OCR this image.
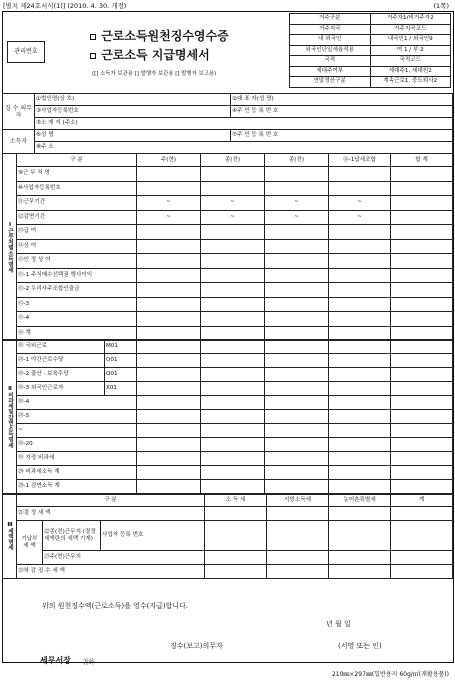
[별지 제24호서식(1)] (2010. 4. 30. 개정)	(1쪽)
관리번호
근로소득원천징수영수증
근로소득 지급명세서
([] 소득자 보관용 [] 발행자 보관용 [] 발행자 보고용)
거주구분	거주자1/비거주자2
거주지국	거주지국코드
내 외국인	내국인1 / 외국인9
외국인단일세율적용	여 1 / 부 2
국적	국적코드
세대주여부	세대주1, 세대원2
연말정산구분	계속근로1, 중도퇴사2
징 수 의무자	①법인명(상 호)	②대 표 자(성 명)
	③사업자등록번호	④주 민 등 록 번 호
	⑤소 재 지 (주소)	
소득자	⑥성 명	⑦주 민 등 록 번 호
	⑧주 소	
Ⅰ근무처별소득명세	구 분	주(현)	종(전)	종(전)	⑯-1납세조합	합 계
	⑨근 무 처 명					
	⑩사업자등록번호					
	⑪근무기간	~	~	~	~	
	⑫감면기간	~	~	~	~	
	⑬급 여					
	⑭상 여					
	⑮인 정 상 여					
	⑮-1 주식매수선택권 행사이익					
	⑮-2 우리사주조합인출금					
	⑮-3					
	⑮-4					
	⑯ 계					
Ⅱ비과세및감면소득명세	⑱ 국외근로	M01					
	⑱-1 야간근로수당	O01					
	⑱-2 출산 · 보육수당	Q01					
	⑱-3 외국인근로자	X01					
	⑱-4						
	⑱-5						
	~						
	⑱-20						
	⑲ 지정 비과세						
	⑳ 비과세소득 계						
	⑳-1 감면소득 계						
Ⅲ세액명세	구 분			소 득 세	지방소득세	농어촌특별세	계
	㉑결 정 세 액						
	기납부 세 액	㉒종(전)근무지 (결정세액란의 세액 기재)	사업자 등록 번호				
		㉓주(현)근무지					
	㉔차 감 징 수 세 액						
위의 원천징수액(근로소득)을 영수(지급)합니다.
년 월 일
징수(보고)의무자	(서명 또는 인)
세무서장 귀하
210㎜×297㎜(일반용지 60g/㎡(재활용품))
